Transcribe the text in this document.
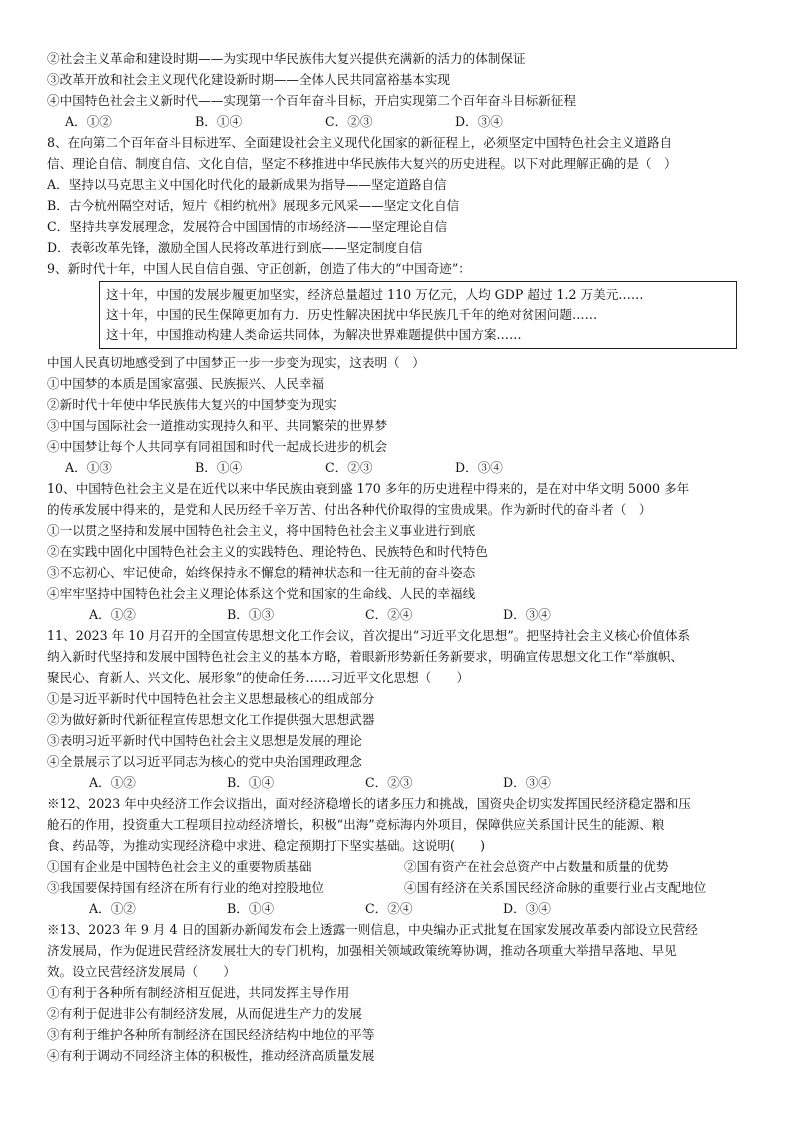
②社会主义革命和建设时期——为实现中华民族伟大复兴提供充满新的活力的体制保证
③改革开放和社会主义现代化建设新时期——全体人民共同富裕基本实现
④中国特色社会主义新时代——实现第一个百年奋斗目标，开启实现第二个百年奋斗目标新征程
A．①②	B．①④	C．②③	D．③④
8、在向第二个百年奋斗目标进军、全面建设社会主义现代化国家的新征程上，必须坚定中国特色社会主义道路自
信、理论自信、制度自信、文化自信，坚定不移推进中华民族伟大复兴的历史进程。以下对此理解正确的是（　）
A．坚持以马克思主义中国化时代化的最新成果为指导——坚定道路自信
B．古今杭州隔空对话，短片《相约杭州》展现多元风采——坚定文化自信
C．坚持共享发展理念，发展符合中国国情的市场经济——坚定理论自信
D．表彰改革先锋，激励全国人民将改革进行到底——坚定制度自信
9、新时代十年，中国人民自信自强、守正创新，创造了伟大的“中国奇迹”：
这十年，中国的发展步履更加坚实，经济总量超过 110 万亿元，人均 GDP 超过 1.2 万美元……
这十年，中国的民生保障更加有力．历史性解决困扰中华民族几千年的绝对贫困问题……
这十年，中国推动构建人类命运共同体，为解决世界难题提供中国方案……
中国人民真切地感受到了中国梦正一步一步变为现实，这表明（　）
①中国梦的本质是国家富强、民族振兴、人民幸福
②新时代十年使中华民族伟大复兴的中国梦变为现实
③中国与国际社会一道推动实现持久和平、共同繁荣的世界梦
④中国梦让每个人共同享有同祖国和时代一起成长进步的机会
A．①③	B．①④	C．②③	D．③④
10、中国特色社会主义是在近代以来中华民族由衰到盛 170 多年的历史进程中得来的，是在对中华文明 5000 多年
的传承发展中得来的，是党和人民历经千辛万苦、付出各种代价取得的宝贵成果。作为新时代的奋斗者（　）
①一以贯之坚持和发展中国特色社会主义，将中国特色社会主义事业进行到底
②在实践中固化中国特色社会主义的实践特色、理论特色、民族特色和时代特色
③不忘初心、牢记使命，始终保持永不懈怠的精神状态和一往无前的奋斗姿态
④牢牢坚持中国特色社会主义理论体系这个党和国家的生命线、人民的幸福线
A．①②	B．①③	C．②④	D．③④
11、2023 年 10 月召开的全国宣传思想文化工作会议，首次提出“习近平文化思想”。把坚持社会主义核心价值体系
纳入新时代坚持和发展中国特色社会主义的基本方略，着眼新形势新任务新要求，明确宣传思想文化工作“举旗帜、
聚民心、育新人、兴文化、展形象”的使命任务……习近平文化思想（　　）
①是习近平新时代中国特色社会主义思想最核心的组成部分
②为做好新时代新征程宣传思想文化工作提供强大思想武器
③表明习近平新时代中国特色社会主义思想是发展的理论
④全景展示了以习近平同志为核心的党中央治国理政理念
A．①②	B．①④	C．②③	D．③④
※12、2023 年中央经济工作会议指出，面对经济稳增长的诸多压力和挑战，国资央企切实发挥国民经济稳定器和压
舱石的作用，投资重大工程项目拉动经济增长，积极“出海”竞标海内外项目，保障供应关系国计民生的能源、粮
食、药品等，为推动实现经济稳中求进、稳定预期打下坚实基础。这说明(　　)
①国有企业是中国特色社会主义的重要物质基础	②国有资产在社会总资产中占数量和质量的优势
③我国要保持国有经济在所有行业的绝对控股地位	④国有经济在关系国民经济命脉的重要行业占支配地位
A．①②	B．①④	C．②④	D．③④
※13、2023 年 9 月 4 日的国新办新闻发布会上透露一则信息，中央编办正式批复在国家发展改革委内部设立民营经
济发展局，作为促进民营经济发展壮大的专门机构，加强相关领域政策统筹协调，推动各项重大举措早落地、早见
效。设立民营经济发展局（　　）
①有利于各种所有制经济相互促进，共同发挥主导作用
②有利于促进非公有制经济发展，从而促进生产力的发展
③有利于维护各种所有制经济在国民经济结构中地位的平等
④有利于调动不同经济主体的积极性，推动经济高质量发展
